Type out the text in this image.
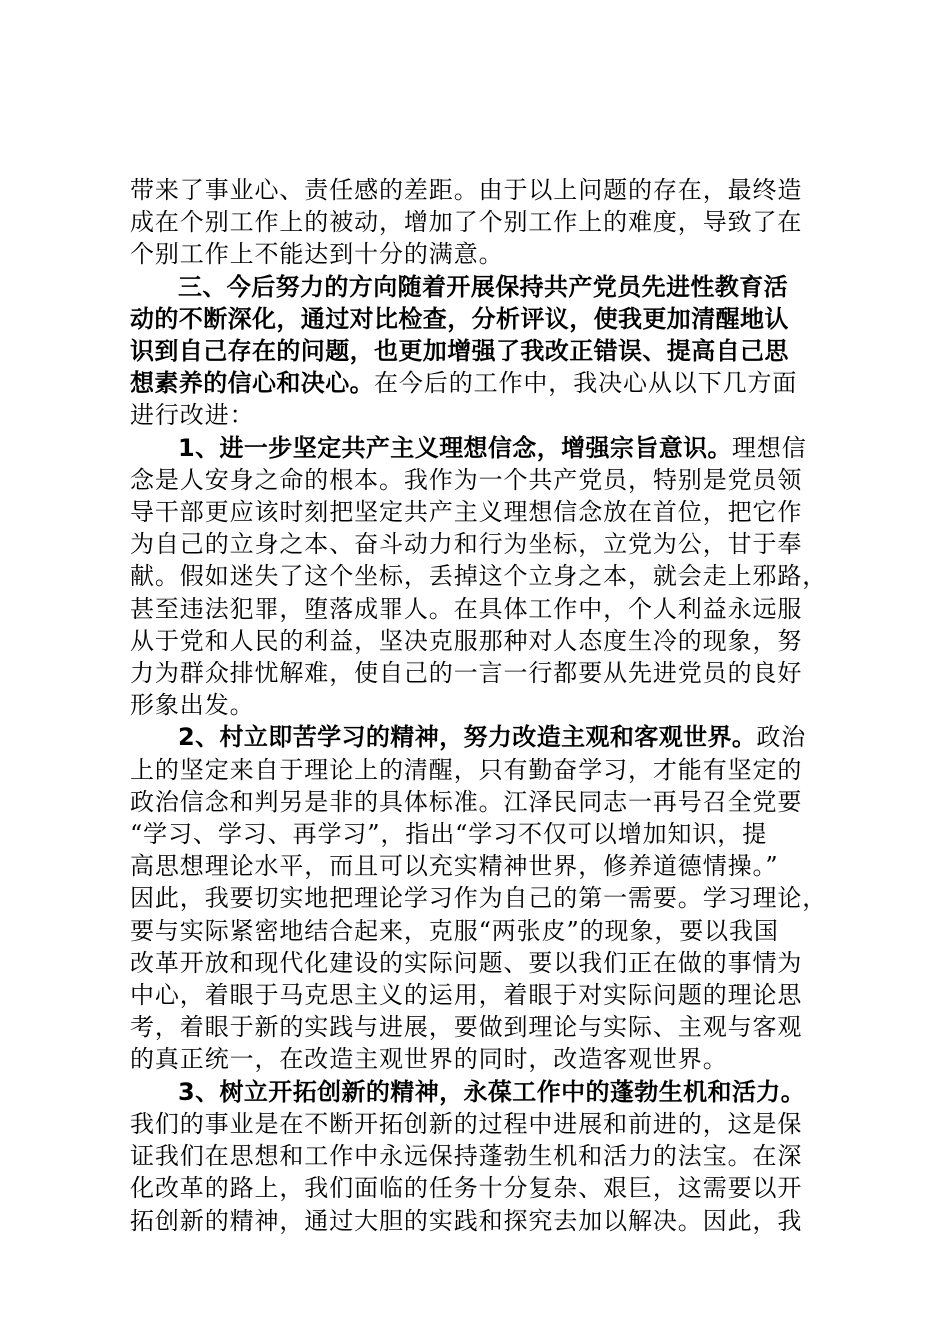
带来了事业心、责任感的差距。由于以上问题的存在，最终造
成在个别工作上的被动，增加了个别工作上的难度，导致了在
个别工作上不能达到十分的满意。

三、今后努力的方向随着开展保持共产党员先进性教育活
动的不断深化，通过对比检查，分析评议，使我更加清醒地认
识到自己存在的问题，也更加增强了我改正错误、提高自己思
想素养的信心和决心。在今后的工作中，我决心从以下几方面
进行改进：

1、进一步坚定共产主义理想信念，增强宗旨意识。理想信
念是人安身之命的根本。我作为一个共产党员，特别是党员领
导干部更应该时刻把坚定共产主义理想信念放在首位，把它作
为自己的立身之本、奋斗动力和行为坐标，立党为公，甘于奉
献。假如迷失了这个坐标，丢掉这个立身之本，就会走上邪路，
甚至违法犯罪，堕落成罪人。在具体工作中，个人利益永远服
从于党和人民的利益，坚决克服那种对人态度生冷的现象，努
力为群众排忧解难，使自己的一言一行都要从先进党员的良好
形象出发。

2、村立即苦学习的精神，努力改造主观和客观世界。政治
上的坚定来自于理论上的清醒，只有勤奋学习，才能有坚定的
政治信念和判另是非的具体标准。江泽民同志一再号召全党要
“学习、学习、再学习”，指出“学习不仅可以增加知识，提
高思想理论水平，而且可以充实精神世界，修养道德情操。”
因此，我要切实地把理论学习作为自己的第一需要。学习理论，
要与实际紧密地结合起来，克服“两张皮”的现象，要以我国
改革开放和现代化建设的实际问题、要以我们正在做的事情为
中心，着眼于马克思主义的运用，着眼于对实际问题的理论思
考，着眼于新的实践与进展，要做到理论与实际、主观与客观
的真正统一，在改造主观世界的同时，改造客观世界。

3、树立开拓创新的精神，永葆工作中的蓬勃生机和活力。
我们的事业是在不断开拓创新的过程中进展和前进的，这是保
证我们在思想和工作中永远保持蓬勃生机和活力的法宝。在深
化改革的路上，我们面临的任务十分复杂、艰巨，这需要以开
拓创新的精神，通过大胆的实践和探究去加以解决。因此，我
